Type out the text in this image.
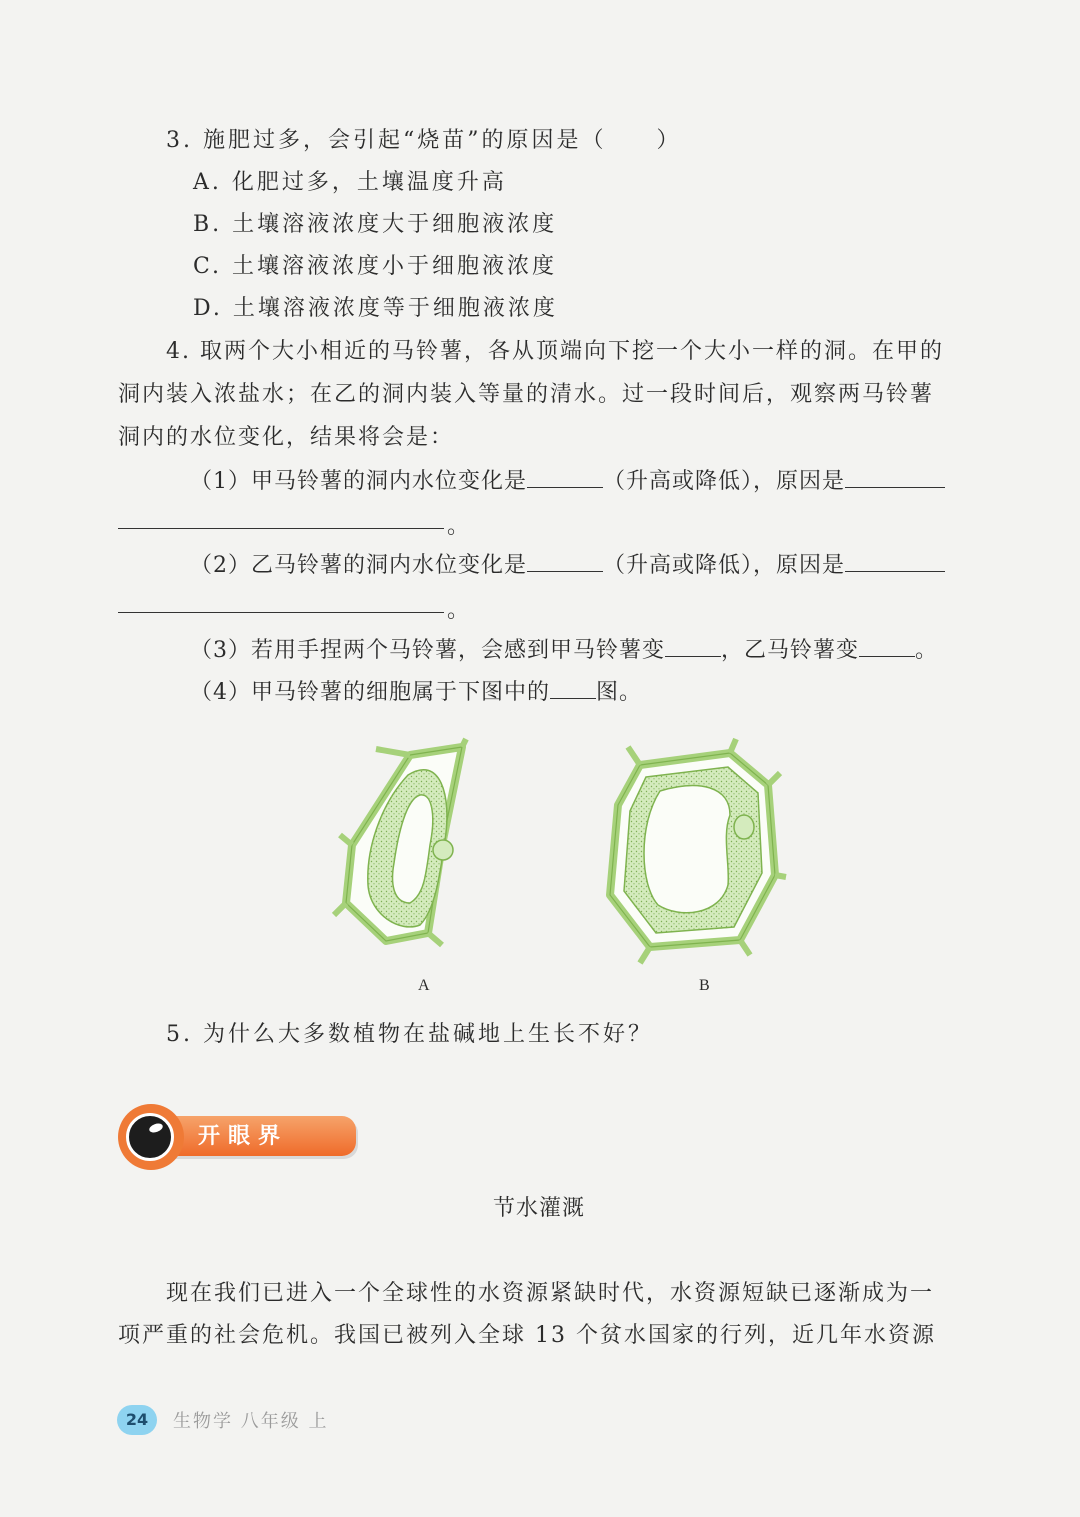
3. 施肥过多，会引起“烧苗”的原因是（　　）
A. 化肥过多，土壤温度升高
B. 土壤溶液浓度大于细胞液浓度
C. 土壤溶液浓度小于细胞液浓度
D. 土壤溶液浓度等于细胞液浓度
4. 取两个大小相近的马铃薯，各从顶端向下挖一个大小一样的洞。在甲的
洞内装入浓盐水；在乙的洞内装入等量的清水。过一段时间后，观察两马铃薯
洞内的水位变化，结果将会是：
（1）甲马铃薯的洞内水位变化是	（升高或降低），原因是
。
（2）乙马铃薯的洞内水位变化是	（升高或降低），原因是
。
（3）若用手捏两个马铃薯，会感到甲马铃薯变	，乙马铃薯变	。
（4）甲马铃薯的细胞属于下图中的 图。
A	B
5. 为什么大多数植物在盐碱地上生长不好？
开眼界
节水灌溉
现在我们已进入一个全球性的水资源紧缺时代，水资源短缺已逐渐成为一
项严重的社会危机。我国已被列入全球 13 个贫水国家的行列，近几年水资源
24	生物学 八年级 上
